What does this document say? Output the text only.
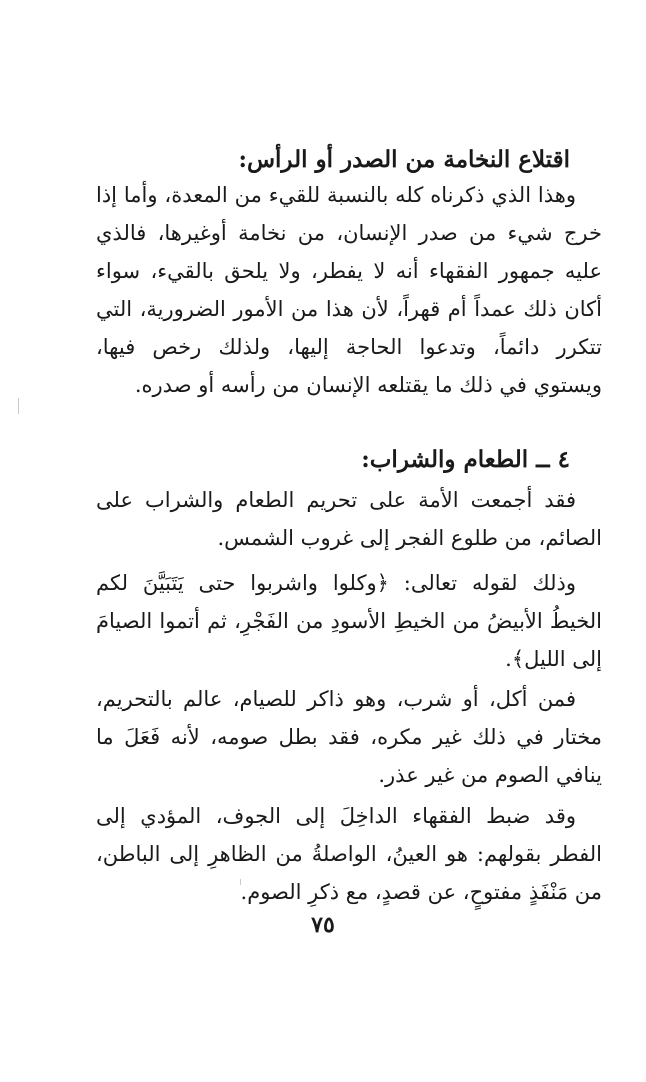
اقتلاع النخامة من الصدر أو الرأس:
وهذا الذي ذكرناه كله بالنسبة للقيء من المعدة، وأما إذا خرج شيء من صدر الإنسان، من نخامة أوغيرها، فالذي عليه جمهور الفقهاء أنه لا يفطر، ولا يلحق بالقيء، سواء أكان ذلك عمداً أم قهراً، لأن هذا من الأمور الضرورية، التي تتكرر دائماً، وتدعوا الحاجة إليها، ولذلك رخص فيها، ويستوي في ذلك ما يقتلعه الإنسان من رأسه أو صدره.
٤ ــ الطعام والشراب:
فقد أجمعت الأمة على تحريم الطعام والشراب على الصائم، من طلوع الفجر إلى غروب الشمس.
وذلك لقوله تعالى: ﴿وكلوا واشربوا حتى يَتَبَيَّنَ لكم الخيطُ الأبيضُ من الخيطِ الأسودِ من الفَجْرِ، ثم أتموا الصيامَ إلى الليل﴾.
فمن أكل، أو شرب، وهو ذاكر للصيام، عالم بالتحريم، مختار في ذلك غير مكره، فقد بطل صومه، لأنه فَعَلَ ما ينافي الصوم من غير عذر.
وقد ضبط الفقهاء الداخِلَ إلى الجوف، المؤدي إلى الفطر بقولهم: هو العينُ، الواصلةُ من الظاهرِ إلى الباطن، من مَنْفَذٍ مفتوحٍ، عن قصدٍ، مع ذكرِ الصوم.
٧٥
